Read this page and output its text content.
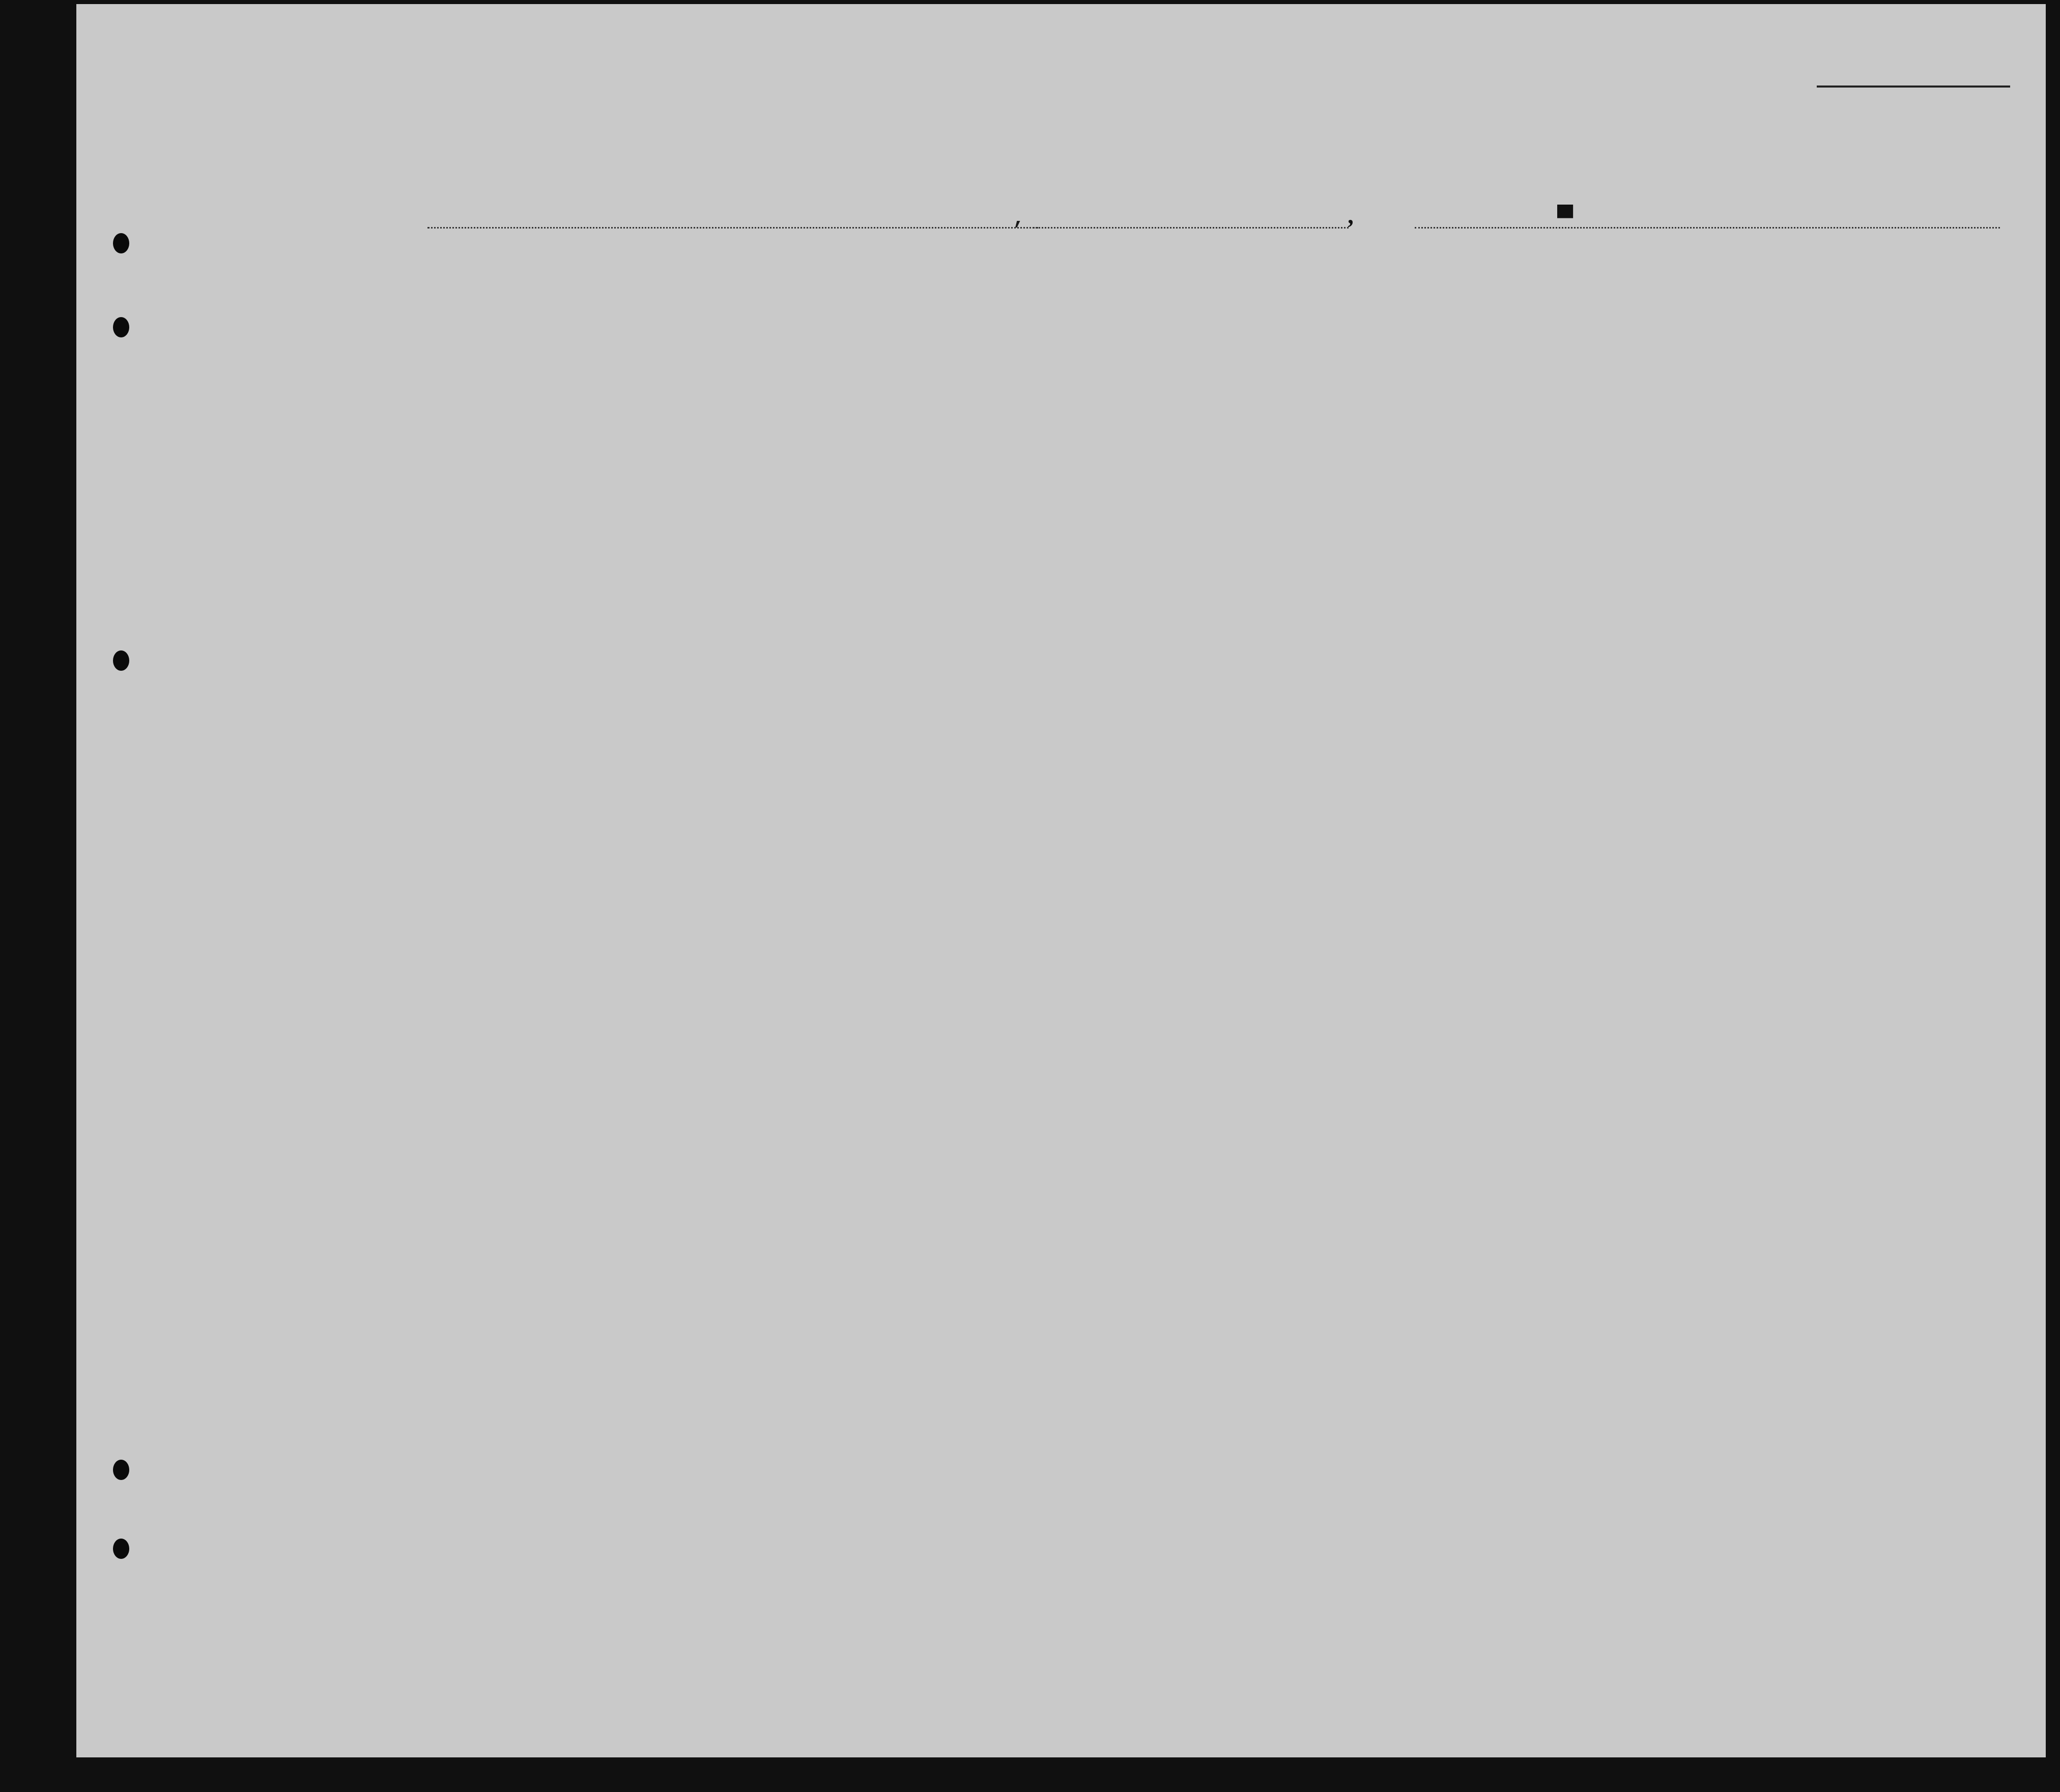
,	,	▀
